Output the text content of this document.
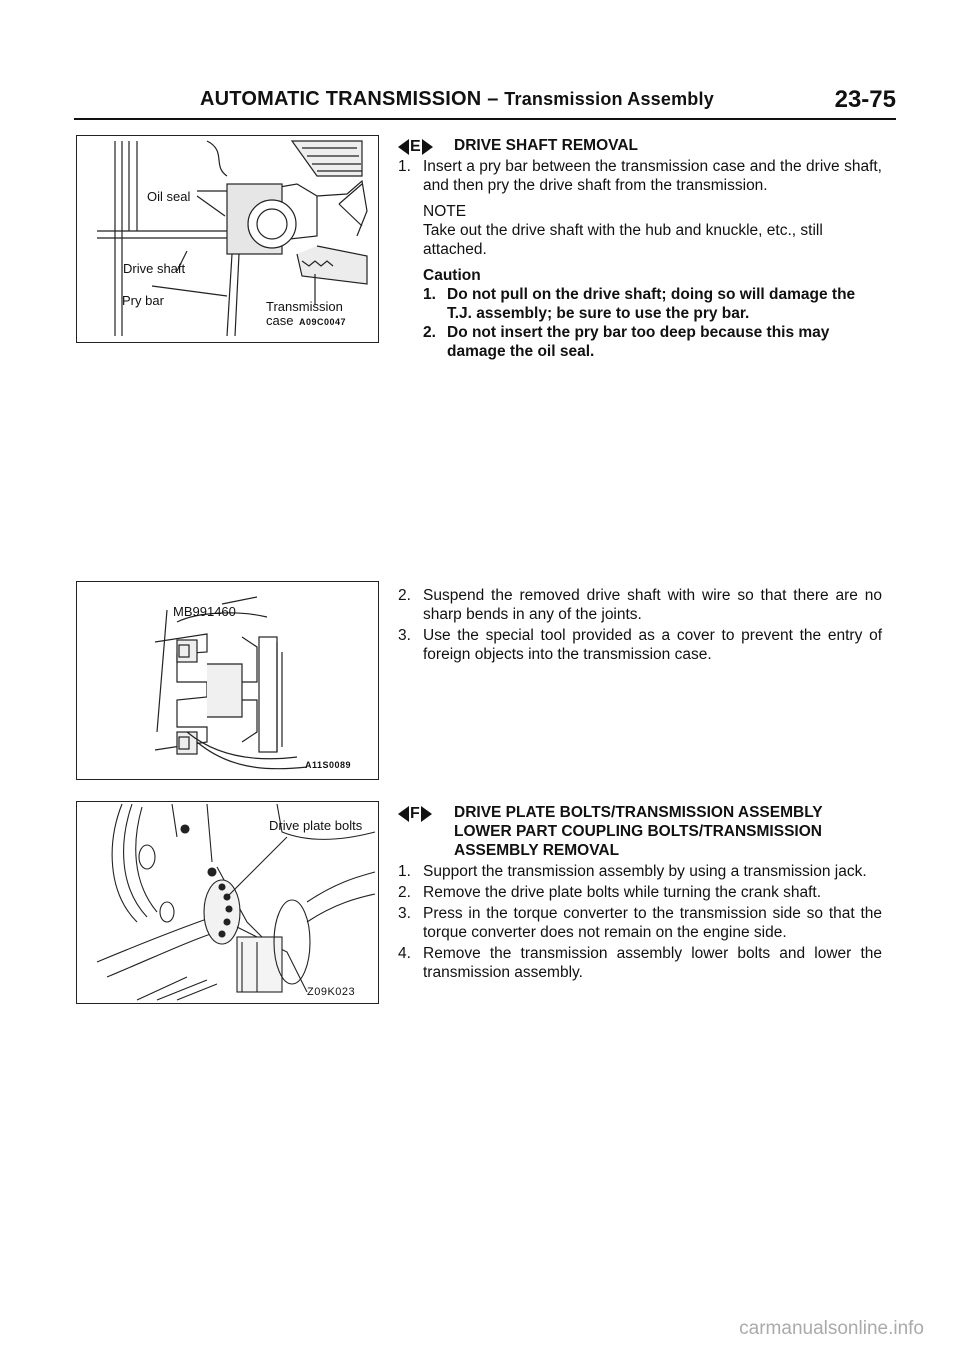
AUTOMATIC TRANSMISSION – Transmission Assembly	23-75
Oil seal
Drive shaft
Pry bar	Transmission
case A09C0047
MB991460
A11S0089
Drive plate bolts
Z09K023
E DRIVE SHAFT REMOVAL
1. Insert a pry bar between the transmission case and the drive shaft, and then pry the drive shaft from the transmission.
NOTE
Take out the drive shaft with the hub and knuckle, etc., still attached.
Caution
1. Do not pull on the drive shaft; doing so will damage the T.J. assembly; be sure to use the pry bar.
2. Do not insert the pry bar too deep because this may damage the oil seal.
2. Suspend the removed drive shaft with wire so that there are no sharp bends in any of the joints.
3. Use the special tool provided as a cover to prevent the entry of foreign objects into the transmission case.
F DRIVE PLATE BOLTS/TRANSMISSION ASSEMBLY LOWER PART COUPLING BOLTS/TRANSMISSION ASSEMBLY REMOVAL
1. Support the transmission assembly by using a transmission jack.
2. Remove the drive plate bolts while turning the crank shaft.
3. Press in the torque converter to the transmission side so that the torque converter does not remain on the engine side.
4. Remove the transmission assembly lower bolts and lower the transmission assembly.
carmanualsonline.info
